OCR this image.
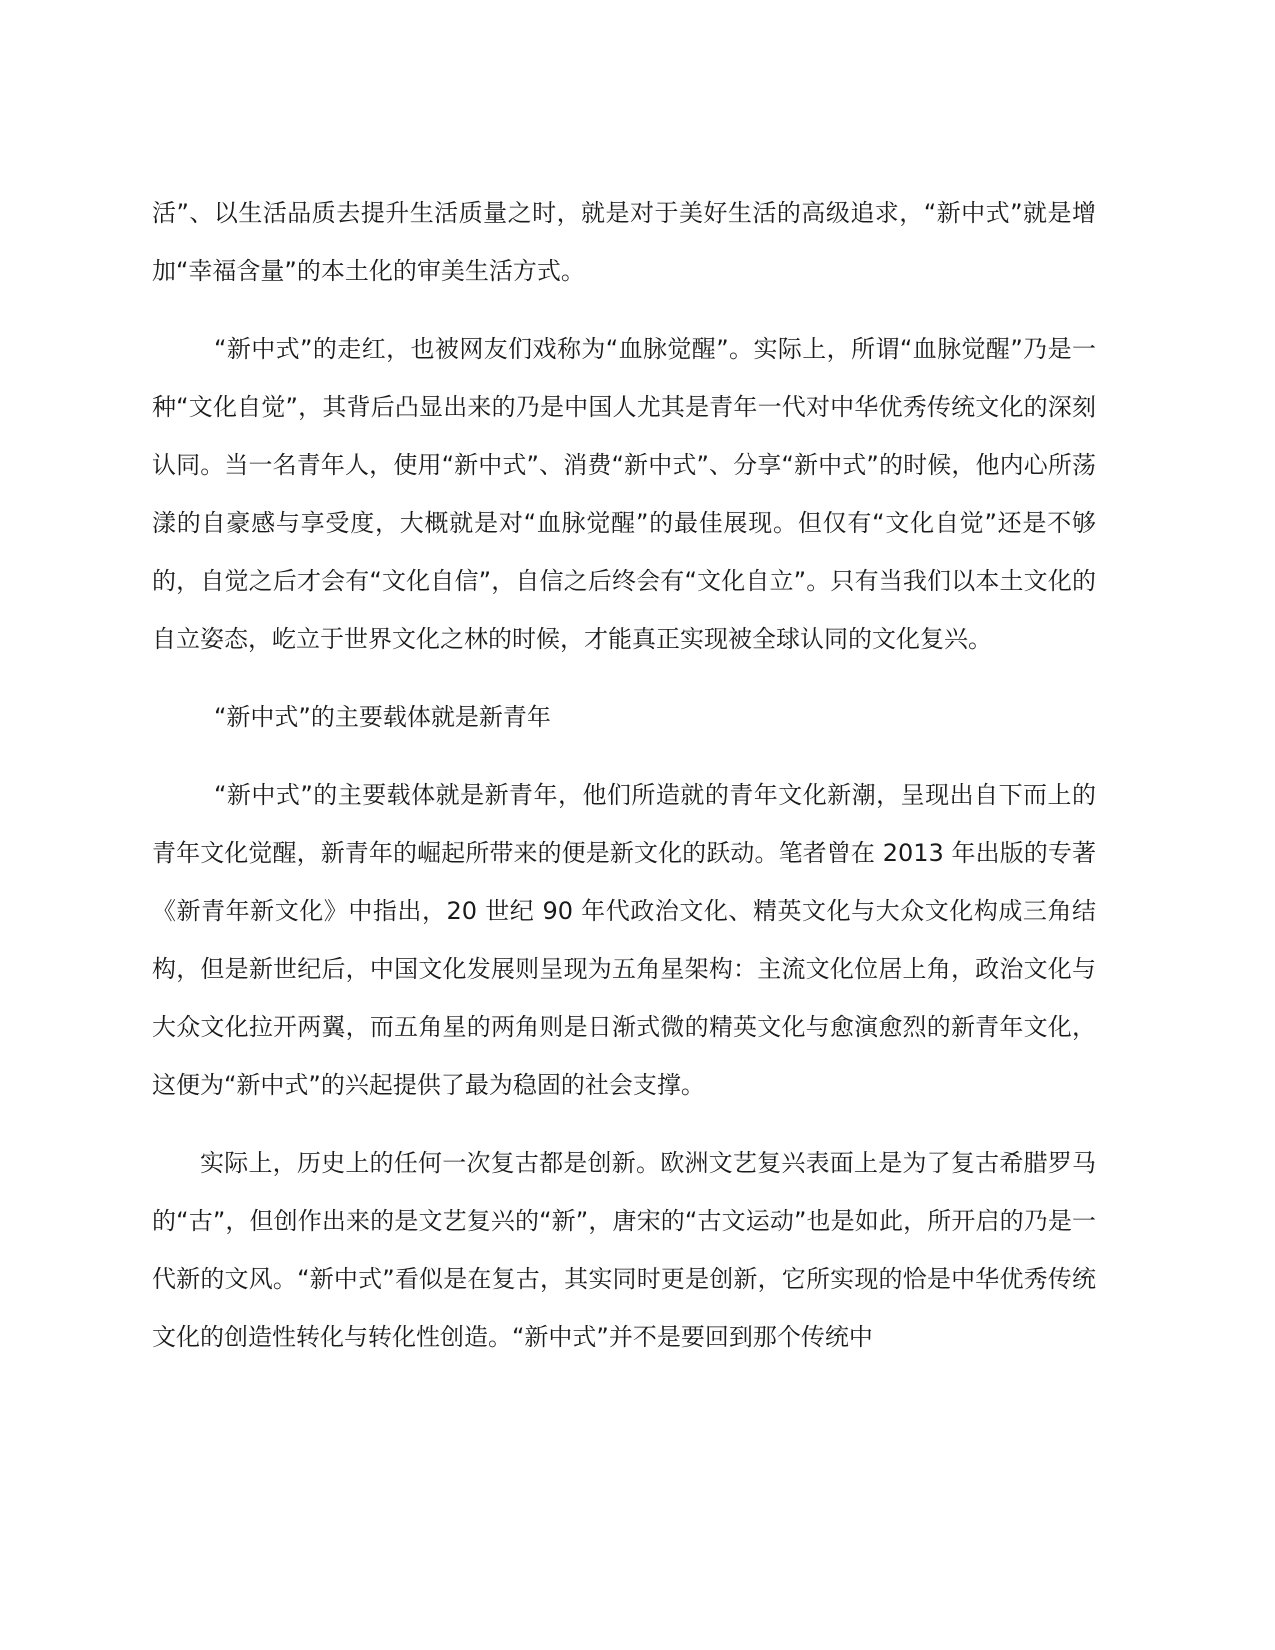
活”、以生活品质去提升生活质量之时，就是对于美好生活的高级追求，“新中式”就是增加“幸福含量”的本土化的审美生活方式。

“新中式”的走红，也被网友们戏称为“血脉觉醒”。实际上，所谓“血脉觉醒”乃是一种“文化自觉”，其背后凸显出来的乃是中国人尤其是青年一代对中华优秀传统文化的深刻认同。当一名青年人，使用“新中式”、消费“新中式”、分享“新中式”的时候，他内心所荡漾的自豪感与享受度，大概就是对“血脉觉醒”的最佳展现。但仅有“文化自觉”还是不够的，自觉之后才会有“文化自信”，自信之后终会有“文化自立”。只有当我们以本土文化的自立姿态，屹立于世界文化之林的时候，才能真正实现被全球认同的文化复兴。

“新中式”的主要载体就是新青年

“新中式”的主要载体就是新青年，他们所造就的青年文化新潮，呈现出自下而上的青年文化觉醒，新青年的崛起所带来的便是新文化的跃动。笔者曾在 2013 年出版的专著《新青年新文化》中指出，20 世纪 90 年代政治文化、精英文化与大众文化构成三角结构，但是新世纪后，中国文化发展则呈现为五角星架构：主流文化位居上角，政治文化与大众文化拉开两翼，而五角星的两角则是日渐式微的精英文化与愈演愈烈的新青年文化，这便为“新中式”的兴起提供了最为稳固的社会支撑。

实际上，历史上的任何一次复古都是创新。欧洲文艺复兴表面上是为了复古希腊罗马的“古”，但创作出来的是文艺复兴的“新”，唐宋的“古文运动”也是如此，所开启的乃是一代新的文风。“新中式”看似是在复古，其实同时更是创新，它所实现的恰是中华优秀传统文化的创造性转化与转化性创造。“新中式”并不是要回到那个传统中
